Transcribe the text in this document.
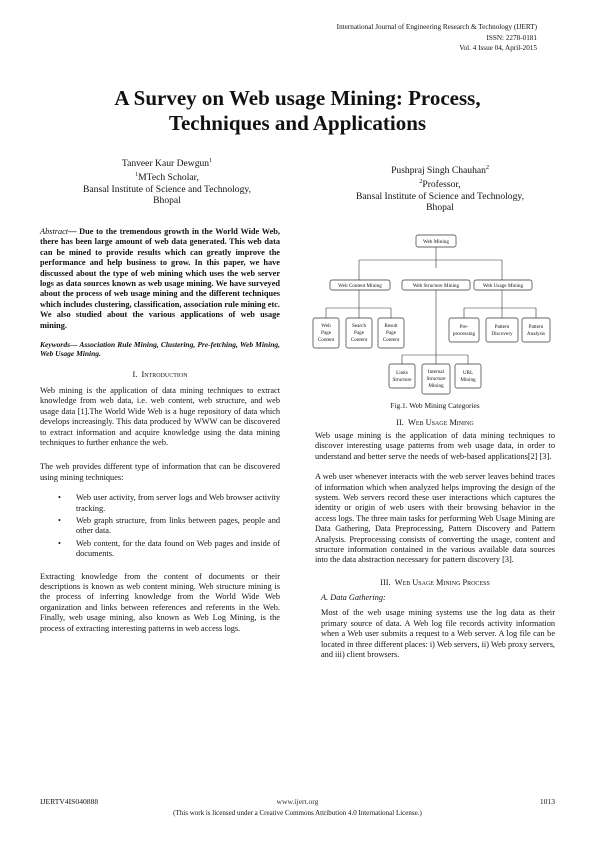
International Journal of Engineering Research & Technology (IJERT)
ISSN: 2278-0181
Vol. 4 Issue 04, April-2015
A Survey on Web usage Mining: Process,
Techniques and Applications
Tanveer Kaur Dewgun$^1$
$^1$MTech Scholar,
Bansal Institute of Science and Technology,
Bhopal
Pushpraj Singh Chauhan$^2$
$^2$Professor,
Bansal Institute of Science and Technology,
Bhopal
Abstract— Due to the tremendous growth in the World Wide Web, there has been large amount of web data generated. This web data can be mined to provide results which can greatly improve the performance and help business to grow. In this paper, we have discussed about the type of web mining which uses the web server logs as data sources known as web usage mining. We have surveyed about the process of web usage mining and the different techniques which includes clustering, classification, association rule mining etc. We also studied about the various applications of web usage mining.
Keywords— Association Rule Mining, Clustering, Pre-fetching, Web Mining, Web Usage Mining.
I. Introduction
Web mining is the application of data mining techniques to extract knowledge from web data, i.e. web content, web structure, and web usage data [1].The World Wide Web is a huge repository of data which develops increasingly. This data produced by WWW can be discovered to extract information and acquire knowledge using the data mining techniques to further enhance the web.
The web provides different type of information that can be discovered using mining techniques:
• Web user activity, from server logs and Web browser activity tracking.
• Web graph structure, from links between pages, people and other data.
• Web content, for the data found on Web pages and inside of documents.
Extracting knowledge from the content of documents or their descriptions is known as web content mining. Web structure mining is the process of inferring knowledge from the World Wide Web organization and links between references and referents in the Web. Finally, web usage mining, also known as Web Log Mining, is the process of extracting interesting patterns in web access logs.
Web Mining
Web Content Mining	Web Structure Mining	Web Usage Mining
Web
Page
Content
Search
Page
Content
Result
Page
Content
Pre-
processing
Pattern
Discovery
Pattern
Analysis
Links
Structure
Internal
Structure
Mining
URL
Mining
Fig.1. Web Mining Categories
II. Web Usage Mining
Web usage mining is the application of data mining techniques to discover interesting usage patterns from web usage data, in order to understand and better serve the needs of web-based applications[2] [3].
A web user whenever interacts with the web server leaves behind traces of information which when analyzed helps improving the design of the system. Web servers record these user interactions which captures the identity or origin of web users with their browsing behavior in the access logs. The three main tasks for performing Web Usage Mining are Data Gathering, Data Preprocessing, Pattern Discovery and Pattern Analysis. Preprocessing consists of converting the usage, content and structure information contained in the various available data sources into the data abstraction necessary for pattern discovery [3].
III. Web Usage Mining Process
A. Data Gathering:
Most of the web usage mining systems use the log data as their primary source of data. A Web log file records activity information when a Web user submits a request to a Web server. A log file can be located in three different places: i) Web servers, ii) Web proxy servers, and iii) client browsers.
IJERTV4IS040888	www.ijert.org	1013
(This work is licensed under a Creative Commons Attribution 4.0 International License.)
